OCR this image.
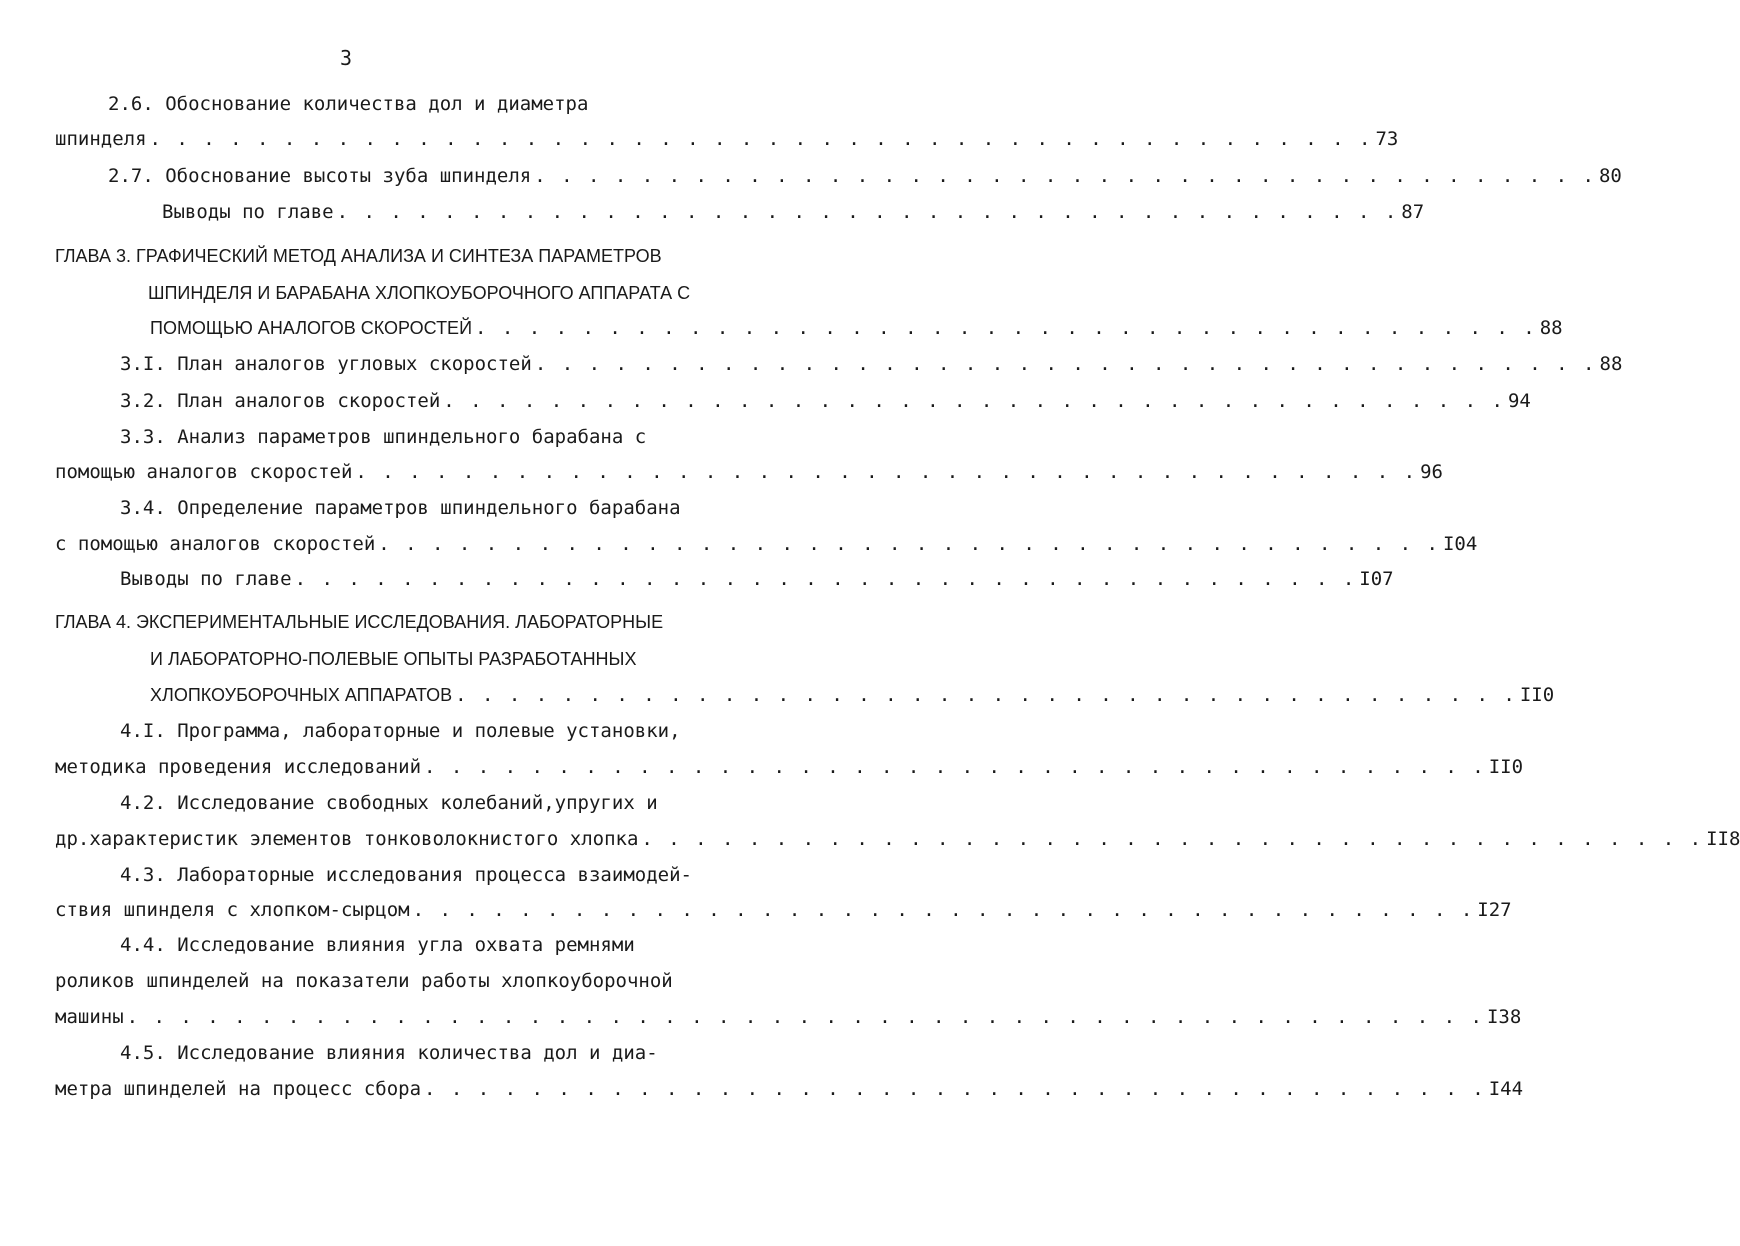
3
2.6. Обоснование количества дол и диаметра
шпинделя . . . . . . . . . . . . . . . . . . . . . . . . . . . . . . . . . . . . . . . . . . . . . . 73
2.7. Обоснование высоты зуба шпинделя . . . . . . . . . . . . . . . . . . . . . . . . . . . . . . . . . . . . . . . . 80
Выводы по главе . . . . . . . . . . . . . . . . . . . . . . . . . . . . . . . . . . . . . . . . 87
ГЛАВА 3. ГРАФИЧЕСКИЙ МЕТОД АНАЛИЗА И СИНТЕЗА ПАРАМЕТРОВ
ШПИНДЕЛЯ И БАРАБАНА ХЛОПКОУБОРОЧНОГО АППАРАТА С
ПОМОЩЬЮ АНАЛОГОВ СКОРОСТЕЙ . . . . . . . . . . . . . . . . . . . . . . . . . . . . . . . . . . . . . . . . 88
3.I. План аналогов угловых скоростей . . . . . . . . . . . . . . . . . . . . . . . . . . . . . . . . . . . . . . . . 88
3.2. План аналогов скоростей . . . . . . . . . . . . . . . . . . . . . . . . . . . . . . . . . . . . . . . . 94
3.3. Анализ параметров шпиндельного барабана с
помощью аналогов скоростей . . . . . . . . . . . . . . . . . . . . . . . . . . . . . . . . . . . . . . . . 96
3.4. Определение параметров шпиндельного барабана
с помощью аналогов скоростей . . . . . . . . . . . . . . . . . . . . . . . . . . . . . . . . . . . . . . . . I04
Выводы по главе . . . . . . . . . . . . . . . . . . . . . . . . . . . . . . . . . . . . . . . . I07
ГЛАВА 4. ЭКСПЕРИМЕНТАЛЬНЫЕ ИССЛЕДОВАНИЯ. ЛАБОРАТОРНЫЕ
И ЛАБОРАТОРНО-ПОЛЕВЫЕ ОПЫТЫ РАЗРАБОТАННЫХ
ХЛОПКОУБОРОЧНЫХ АППАРАТОВ . . . . . . . . . . . . . . . . . . . . . . . . . . . . . . . . . . . . . . . . II0
4.I. Программа, лабораторные и полевые установки,
методика проведения исследований . . . . . . . . . . . . . . . . . . . . . . . . . . . . . . . . . . . . . . . . II0
4.2. Исследование свободных колебаний,упругих и
др.характеристик элементов тонковолокнистого хлопка . . . . . . . . . . . . . . . . . . . . . . . . . . . . . . . . . . . . . . . . II8
4.3. Лабораторные исследования процесса взаимодей-
ствия шпинделя с хлопком-сырцом . . . . . . . . . . . . . . . . . . . . . . . . . . . . . . . . . . . . . . . . I27
4.4. Исследование влияния угла охвата ремнями
роликов шпинделей на показатели работы хлопкоуборочной
машины . . . . . . . . . . . . . . . . . . . . . . . . . . . . . . . . . . . . . . . . . . . . . . . . . . . I38
4.5. Исследование влияния количества дол и диа-
метра шпинделей на процесс сбора . . . . . . . . . . . . . . . . . . . . . . . . . . . . . . . . . . . . . . . . I44
